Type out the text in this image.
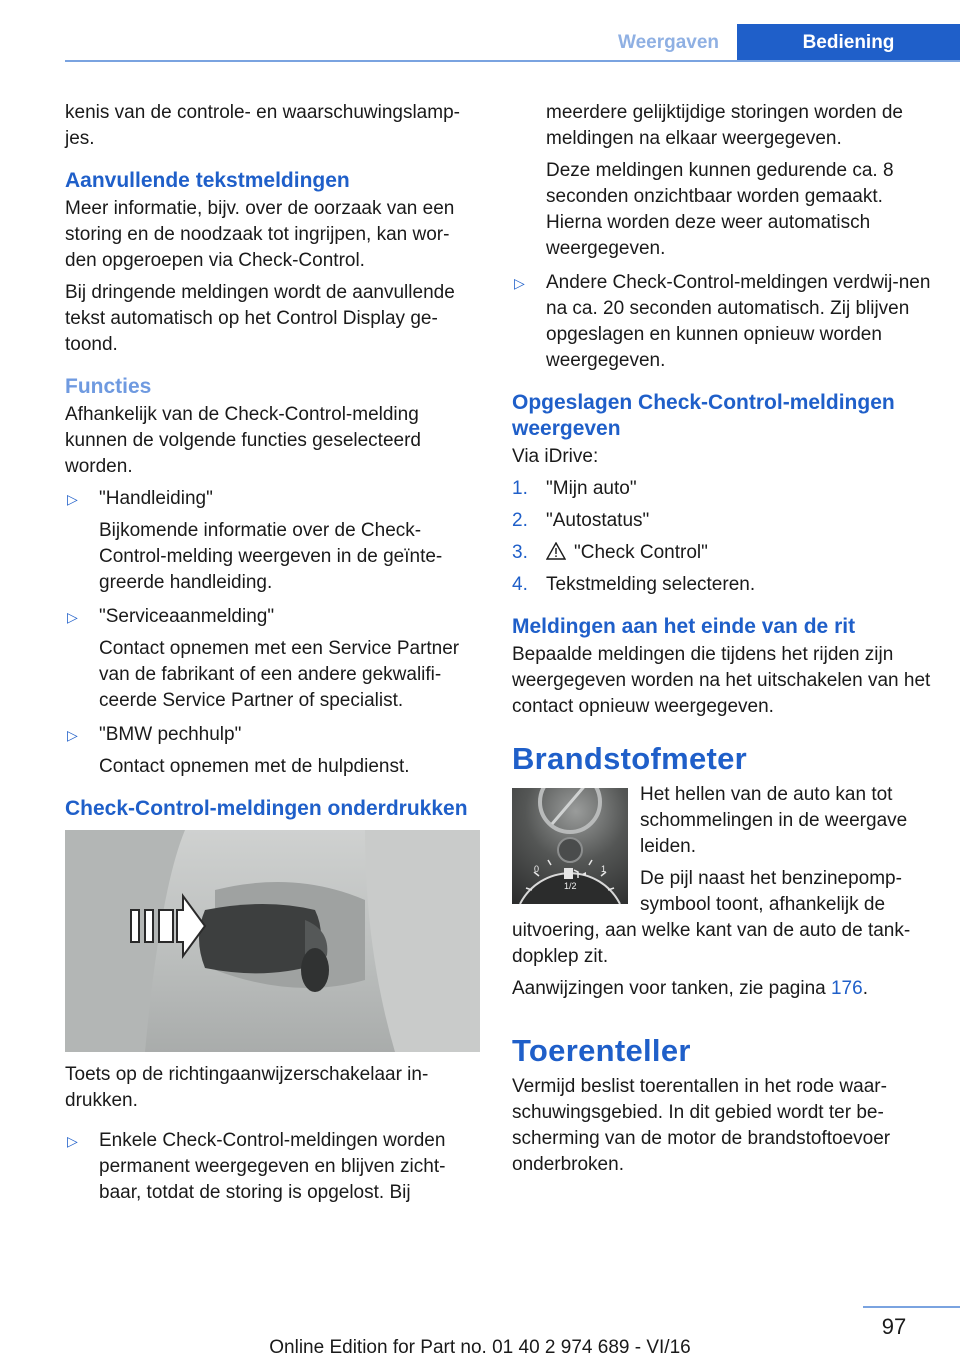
Weergaven	Bediening

kenis van de controle- en waarschuwingslamp-jes.

Aanvullende tekstmeldingen

Meer informatie, bijv. over de oorzaak van een storing en de noodzaak tot ingrijpen, kan wor-den opgeroepen via Check-Control.

Bij dringende meldingen wordt de aanvullende tekst automatisch op het Control Display ge-toond.

Functies

Afhankelijk van de Check-Control-melding kunnen de volgende functies geselecteerd worden.

▷
"Handleiding"
Bijkomende informatie over de Check-Control-melding weergeven in de geïnte-greerde handleiding.
▷
"Serviceaanmelding"
Contact opnemen met een Service Partner van de fabrikant of een andere gekwalifi-ceerde Service Partner of specialist.
▷
"BMW pechhulp"
Contact opnemen met de hulpdienst.
Check-Control-meldingen onderdrukken

Toets op de richtingaanwijzerschakelaar in-drukken.

▷
Enkele Check-Control-meldingen worden permanent weergegeven en blijven zicht-baar, totdat de storing is opgelost. Bij

meerdere gelijktijdige storingen worden de meldingen na elkaar weergegeven.

Deze meldingen kunnen gedurende ca. 8 seconden onzichtbaar worden gemaakt. Hierna worden deze weer automatisch weergegeven.

▷
Andere Check-Control-meldingen verdwij-nen na ca. 20 seconden automatisch. Zij blijven opgeslagen en kunnen opnieuw worden weergegeven.
Opgeslagen Check-Control-meldingen weergeven

Via iDrive:

1. "Mijn auto"
2. "Autostatus"
3. "Check Control"
4. Tekstmelding selecteren.
Meldingen aan het einde van de rit

Bepaalde meldingen die tijdens het rijden zijn weergegeven worden na het uitschakelen van het contact opnieuw weergegeven.

Brandstofmeter
0
1/2
1

Het hellen van de auto kan tot schommelingen in de weergave leiden.

De pijl naast het benzinepomp-symbool toont, afhankelijk de uitvoering, aan welke kant van de auto de tank-dopklep zit.

Aanwijzingen voor tanken, zie pagina 176.

Toerenteller

Vermijd beslist toerentallen in het rode waar-schuwingsgebied. In dit gebied wordt ter be-scherming van de motor de brandstoftoevoer onderbroken.

97
Online Edition for Part no. 01 40 2 974 689 - VI/16
